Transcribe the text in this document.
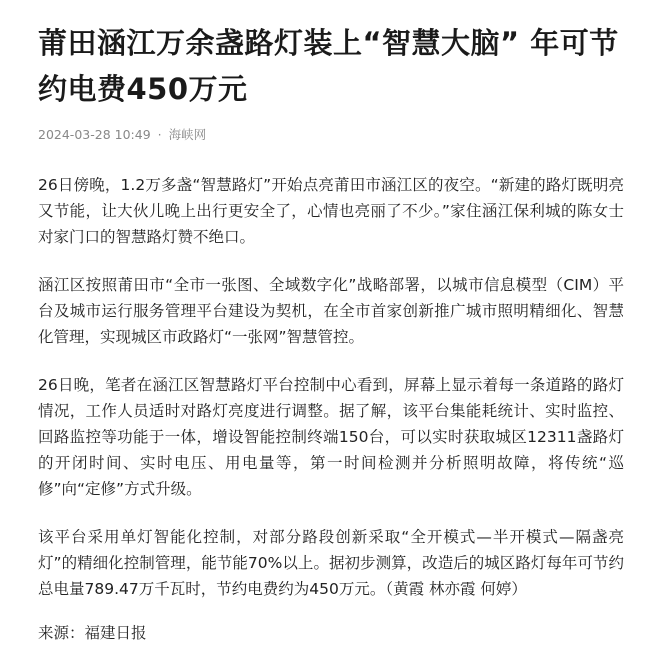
莆田涵江万余盏路灯装上“智慧大脑” 年可节约电费450万元
2024-03-28 10:49 · 海峡网

26日傍晚，1.2万多盏“智慧路灯”开始点亮莆田市涵江区的夜空。“新建的路灯既明亮又节能，让大伙儿晚上出行更安全了，心情也亮丽了不少。”家住涵江保利城的陈女士对家门口的智慧路灯赞不绝口。

涵江区按照莆田市“全市一张图、全域数字化”战略部署，以城市信息模型（CIM）平台及城市运行服务管理平台建设为契机，在全市首家创新推广城市照明精细化、智慧化管理，实现城区市政路灯“一张网”智慧管控。

26日晚，笔者在涵江区智慧路灯平台控制中心看到，屏幕上显示着每一条道路的路灯情况，工作人员适时对路灯亮度进行调整。据了解，该平台集能耗统计、实时监控、回路监控等功能于一体，增设智能控制终端150台，可以实时获取城区12311盏路灯的开闭时间、实时电压、用电量等，第一时间检测并分析照明故障，将传统“巡修”向“定修”方式升级。

该平台采用单灯智能化控制，对部分路段创新采取“全开模式—半开模式—隔盏亮灯”的精细化控制管理，能节能70%以上。据初步测算，改造后的城区路灯每年可节约总电量789.47万千瓦时，节约电费约为450万元。（黄霞 林亦霞 何婷）

来源：福建日报
